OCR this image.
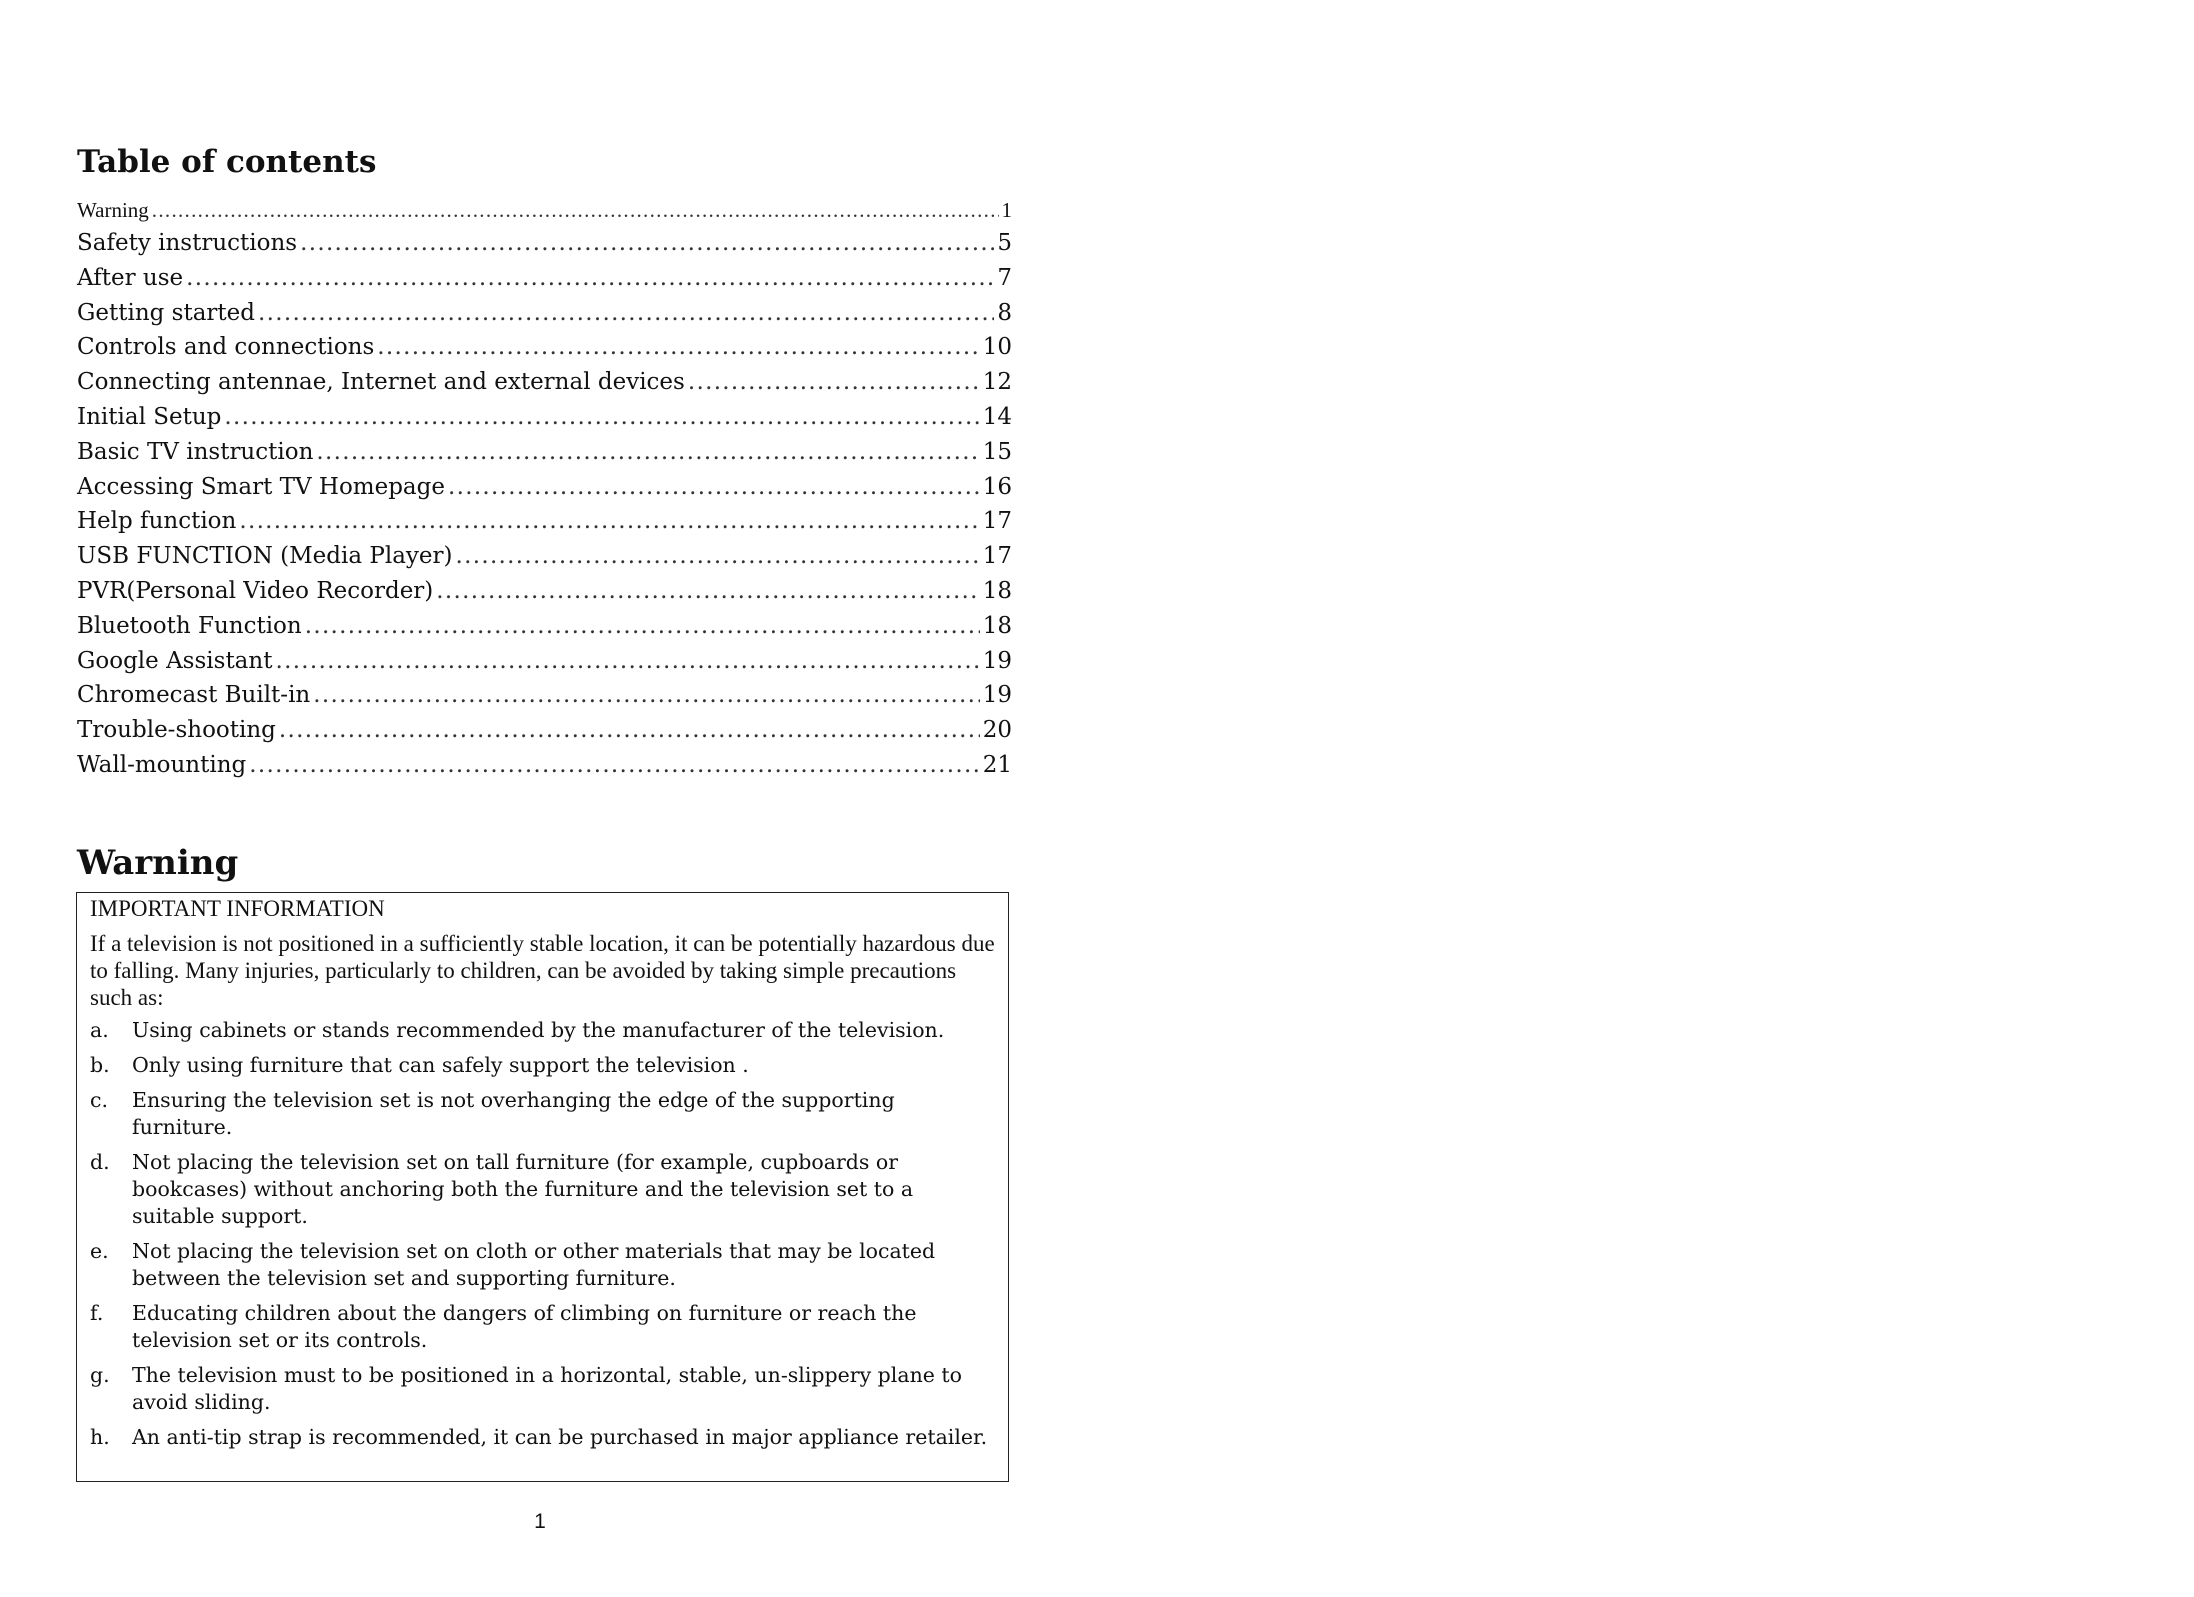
Table of contents
Warning .....	1
Safety instructions .....	5
After use .....	7
Getting started .....	8
Controls and connections .....	10
Connecting antennae, Internet and external devices .....	12
Initial Setup .....	14
Basic TV instruction .....	15
Accessing Smart TV Homepage .....	16
Help function .....	17
USB FUNCTION (Media Player) .....	17
PVR(Personal Video Recorder) .....	18
Bluetooth Function .....	18
Google Assistant .....	19
Chromecast Built-in .....	19
Trouble-shooting .....	20
Wall-mounting .....	21
Warning
IMPORTANT INFORMATION
If a television is not positioned in a sufficiently stable location, it can be potentially hazardous due to falling. Many injuries, particularly to children, can be avoided by taking simple precautions such as:
a.	Using cabinets or stands recommended by the manufacturer of the television.
b.	Only using furniture that can safely support the television .
c.	Ensuring the television set is not overhanging the edge of the supporting furniture.
d.	Not placing the television set on tall furniture (for example, cupboards or bookcases) without anchoring both the furniture and the television set to a suitable support.
e.	Not placing the television set on cloth or other materials that may be located between the television set and supporting furniture.
f.	Educating children about the dangers of climbing on furniture or reach the television set or its controls.
g.	The television must to be positioned in a horizontal, stable, un-slippery plane to avoid sliding.
h.	An anti-tip strap is recommended, it can be purchased in major appliance retailer.
1
